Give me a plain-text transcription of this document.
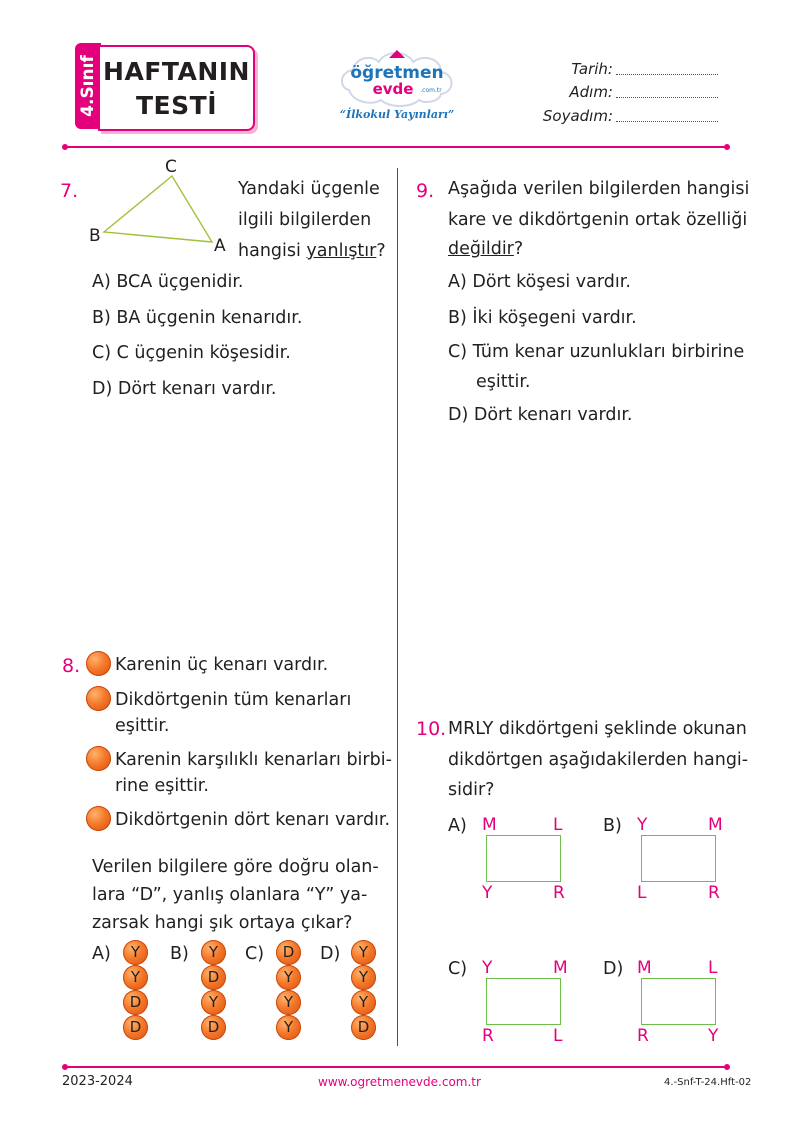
4.Sınıf HAFTANIN
TESTİ
öğretmen
evde .com.tr
“İlkokul Yayınları”
Tarih:
Adım:
Soyadım:
7.
C
B	A
Yandaki üçgenle
ilgili bilgilerden
hangisi yanlıştır?
A) BCA üçgenidir.
B) BA üçgenin kenarıdır.
C) C üçgenin köşesidir.
D) Dört kenarı vardır.
9. Aşağıda verilen bilgilerden hangisi
kare ve dikdörtgenin ortak özelliği
değildir?
A) Dört köşesi vardır.
B) İki köşegeni vardır.
C) Tüm kenar uzunlukları birbirine
eşittir.
D) Dört kenarı vardır.
8. Karenin üç kenarı vardır.
Dikdörtgenin tüm kenarları
eşittir.
Karenin karşılıklı kenarları birbi-
rine eşittir.
Dikdörtgenin dört kenarı vardır.
Verilen bilgilere göre doğru olan-
lara “D”, yanlış olanlara “Y” ya-
zarsak hangi şık ortaya çıkar?
A)	Y
Y
D
D
B)	Y
D
Y
D
C)	D
Y
Y
Y
D)	Y
Y
Y
D
10. MRLY dikdörtgeni şeklinde okunan
dikdörtgen aşağıdakilerden hangi-
sidir?
A) M	L
Y	R
B) Y	M
L	R
C) Y	M
R	L
D) M	L
R	Y
2023-2024	www.ogretmenevde.com.tr	4.-Snf-T-24.Hft-02
